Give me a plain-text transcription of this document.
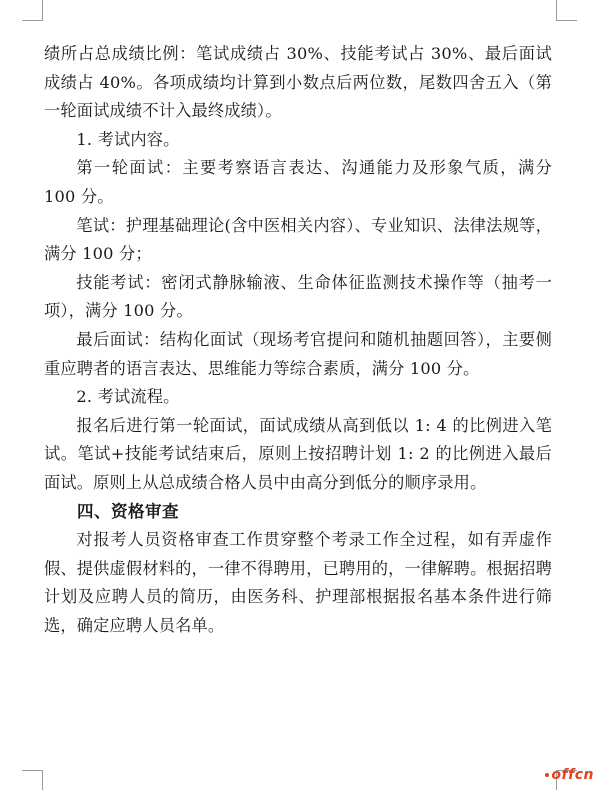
绩所占总成绩比例：笔试成绩占 30%、技能考试占 30%、最后面试成绩占 40%。各项成绩均计算到小数点后两位数，尾数四舍五入（第一轮面试成绩不计入最终成绩）。

1. 考试内容。

第一轮面试：主要考察语言表达、沟通能力及形象气质，满分 100 分。

笔试：护理基础理论(含中医相关内容）、专业知识、法律法规等，满分 100 分；

技能考试：密闭式静脉输液、生命体征监测技术操作等（抽考一项），满分 100 分。

最后面试：结构化面试（现场考官提问和随机抽题回答），主要侧重应聘者的语言表达、思维能力等综合素质，满分 100 分。

2. 考试流程。

报名后进行第一轮面试，面试成绩从高到低以 1: 4 的比例进入笔试。笔试+技能考试结束后，原则上按招聘计划 1: 2 的比例进入最后面试。原则上从总成绩合格人员中由高分到低分的顺序录用。

四、资格审查

对报考人员资格审查工作贯穿整个考录工作全过程，如有弄虚作假、提供虚假材料的，一律不得聘用，已聘用的，一律解聘。根据招聘计划及应聘人员的简历，由医务科、护理部根据报名基本条件进行筛选，确定应聘人员名单。

offcn
